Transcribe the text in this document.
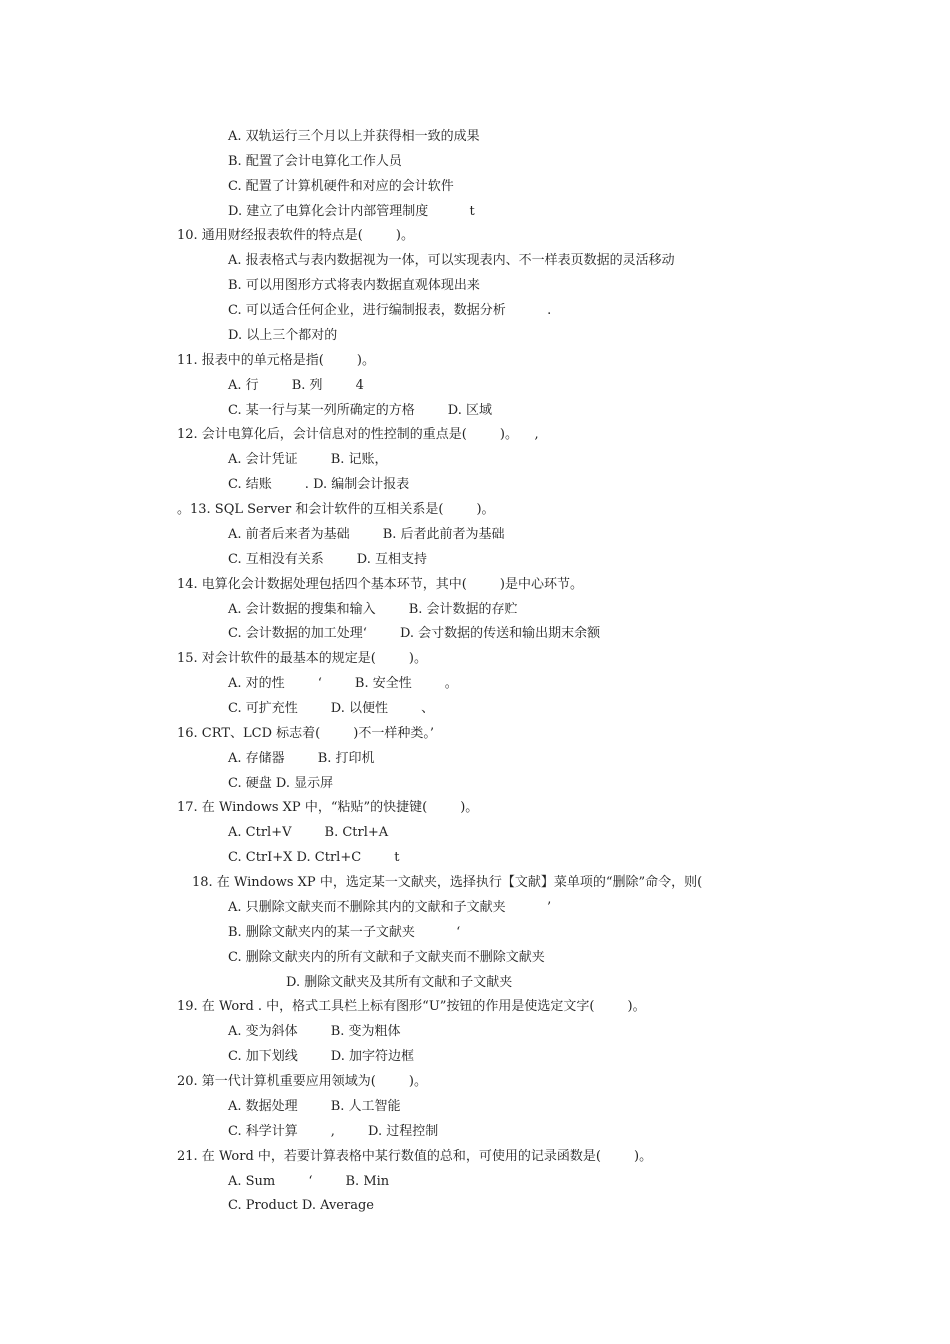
A. 双轨运行三个月以上并获得相一致的成果
B. 配置了会计电算化工作人员
C. 配置了计算机硬件和对应的会计软件
D. 建立了电算化会计内部管理制度          t
10. 通用财经报表软件的特点是(        )。
A. 报表格式与表内数据视为一体，可以实现表内、不一样表页数据的灵活移动
B. 可以用图形方式将表内数据直观体现出来
C. 可以适合任何企业，进行编制报表，数据分析          .
D. 以上三个都对的
11. 报表中的单元格是指(        )。
A. 行        B. 列        4
C. 某一行与某一列所确定的方格        D. 区域
12. 会计电算化后，会计信息对的性控制的重点是(        )。    ,
A. 会计凭证        B. 记账，
C. 结账        . D. 编制会计报表
。13. SQL Server 和会计软件的互相关系是(        )。
A. 前者后来者为基础        B. 后者此前者为基础
C. 互相没有关系        D. 互相支持
14. 电算化会计数据处理包括四个基本环节，其中(        )是中心环节。
A. 会计数据的搜集和输入        B. 会计数据的存贮
C. 会计数据的加工处理‘        D. 会寸数据的传送和输出期末余额
15. 对会计软件的最基本的规定是(        )。
A. 对的性        ‘        B. 安全性        。
C. 可扩充性        D. 以便性        、
16. CRT、LCD 标志着(        )不一样种类。’
A. 存储器        B. 打印机
C. 硬盘 D. 显示屏
17. 在 Windows XP 中，“粘贴”的快捷键(        )。
A. Ctrl+V        B. Ctrl+A
C. CtrI+X D. Ctrl+C        t
18. 在 Windows XP 中，选定某一文献夹，选择执行【文献】菜单项的“删除”命令，则(
A. 只删除文献夹而不删除其内的文献和子文献夹          ’
B. 删除文献夹内的某一子文献夹          ‘
C. 删除文献夹内的所有文献和子文献夹而不删除文献夹
D. 删除文献夹及其所有文献和子文献夹
19. 在 Word . 中，格式工具栏上标有图形“U”按钮的作用是使选定文字(        )。
A. 变为斜体        B. 变为粗体
C. 加下划线        D. 加字符边框
20. 第一代计算机重要应用领域为(        )。
A. 数据处理        B. 人工智能
C. 科学计算        ,        D. 过程控制
21. 在 Word 中，若要计算表格中某行数值的总和，可使用的记录函数是(        )。
A. Sum        ‘        B. Min
C. Product D. Average
